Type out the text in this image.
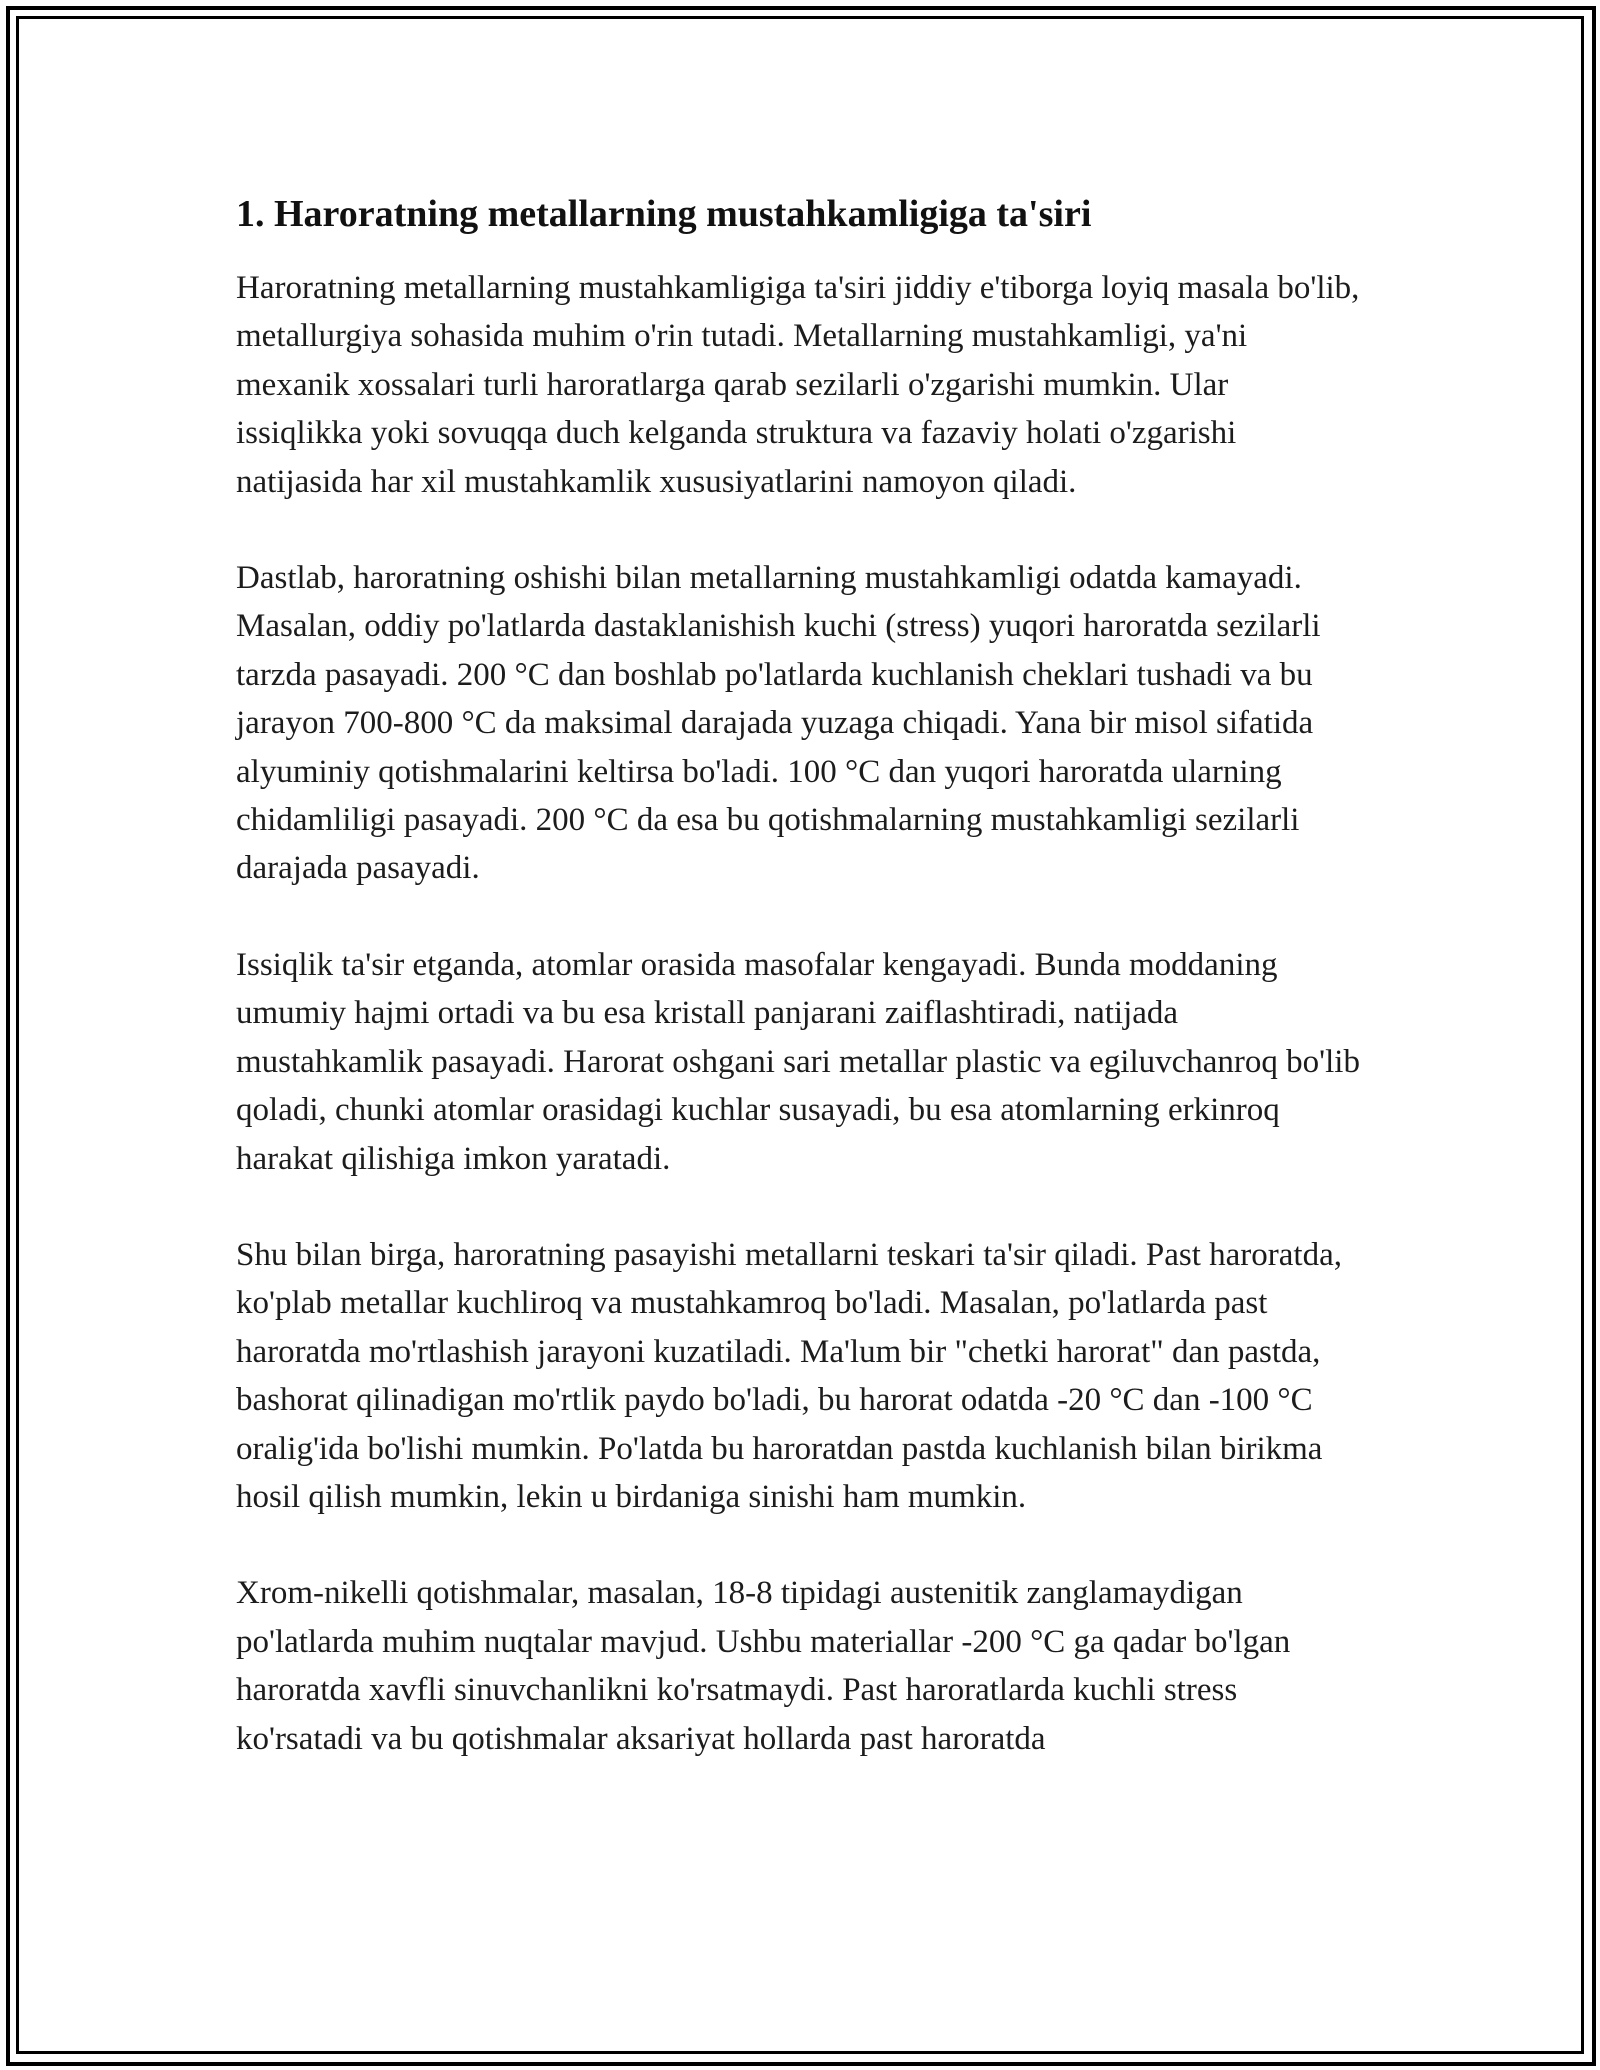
1. Haroratning metallarning mustahkamligiga ta'siri

Haroratning metallarning mustahkamligiga ta'siri jiddiy e'tiborga loyiq masala bo'lib, metallurgiya sohasida muhim o'rin tutadi. Metallarning mustahkamligi, ya'ni mexanik xossalari turli haroratlarga qarab sezilarli o'zgarishi mumkin. Ular issiqlikka yoki sovuqqa duch kelganda struktura va fazaviy holati o'zgarishi natijasida har xil mustahkamlik xususiyatlarini namoyon qiladi.

Dastlab, haroratning oshishi bilan metallarning mustahkamligi odatda kamayadi. Masalan, oddiy po'latlarda dastaklanishish kuchi (stress) yuqori haroratda sezilarli tarzda pasayadi. 200 °C dan boshlab po'latlarda kuchlanish cheklari tushadi va bu jarayon 700-800 °C da maksimal darajada yuzaga chiqadi. Yana bir misol sifatida alyuminiy qotishmalarini keltirsa bo'ladi. 100 °C dan yuqori haroratda ularning chidamliligi pasayadi. 200 °C da esa bu qotishmalarning mustahkamligi sezilarli darajada pasayadi.

Issiqlik ta'sir etganda, atomlar orasida masofalar kengayadi. Bunda moddaning umumiy hajmi ortadi va bu esa kristall panjarani zaiflashtiradi, natijada mustahkamlik pasayadi. Harorat oshgani sari metallar plastic va egiluvchanroq bo'lib qoladi, chunki atomlar orasidagi kuchlar susayadi, bu esa atomlarning erkinroq harakat qilishiga imkon yaratadi.

Shu bilan birga, haroratning pasayishi metallarni teskari ta'sir qiladi. Past haroratda, ko'plab metallar kuchliroq va mustahkamroq bo'ladi. Masalan, po'latlarda past haroratda mo'rtlashish jarayoni kuzatiladi. Ma'lum bir "chetki harorat" dan pastda, bashorat qilinadigan mo'rtlik paydo bo'ladi, bu harorat odatda -20 °C dan -100 °C oralig'ida bo'lishi mumkin. Po'latda bu haroratdan pastda kuchlanish bilan birikma hosil qilish mumkin, lekin u birdaniga sinishi ham mumkin.

Xrom-nikelli qotishmalar, masalan, 18-8 tipidagi austenitik zanglamaydigan po'latlarda muhim nuqtalar mavjud. Ushbu materiallar -200 °C ga qadar bo'lgan haroratda xavfli sinuvchanlikni ko'rsatmaydi. Past haroratlarda kuchli stress ko'rsatadi va bu qotishmalar aksariyat hollarda past haroratda
